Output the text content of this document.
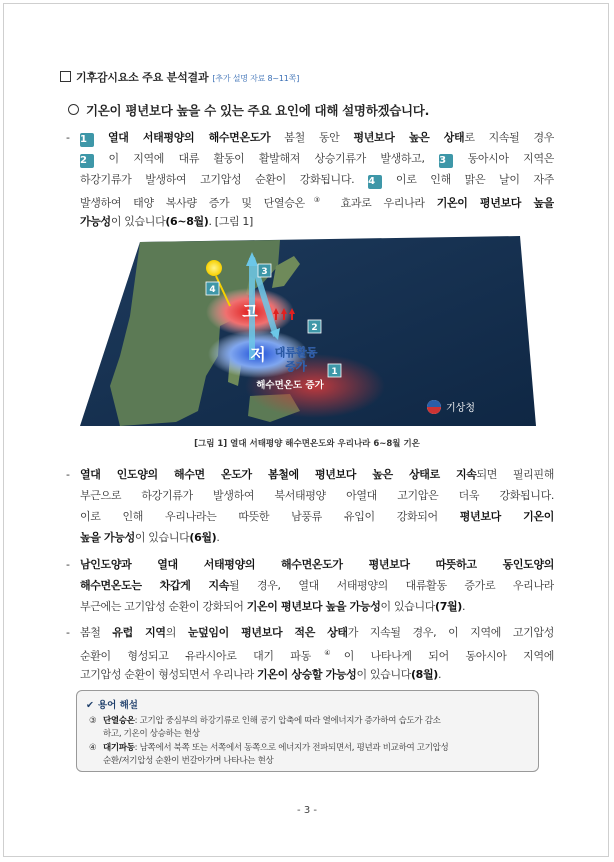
기후감시요소 주요 분석결과 [추가 설명 자료 8~11쪽]
기온이 평년보다 높을 수 있는 주요 요인에 대해 설명하겠습니다.
- 1 열대 서태평양의 해수면온도가 봄철 동안 평년보다 높은 상태로 지속될 경우
2 이 지역에 대류 활동이 활발해져 상승기류가 발생하고, 3 동아시아 지역은
하강기류가 발생하여 고기압성 순환이 강화됩니다. 4 이로 인해 맑은 날이 자주
발생하여 태양 복사량 증가 및 단열승온③ 효과로 우리나라 기온이 평년보다 높을
가능성이 있습니다(6~8월). [그림 1]
고
저 대류활동
증가
해수면온도 증가
3
4
2
1
기상청
[그림 1] 열대 서태평양 해수면온도와 우리나라 6~8월 기온
- 열대 인도양의 해수면 온도가 봄철에 평년보다 높은 상태로 지속되면 필리핀해
부근으로 하강기류가 발생하여 북서태평양 아열대 고기압은 더욱 강화됩니다.
이로 인해 우리나라는 따뜻한 남풍류 유입이 강화되어 평년보다 기온이
높을 가능성이 있습니다(6월).
- 남인도양과 열대 서태평양의 해수면온도가 평년보다 따뜻하고 동인도양의
해수면온도는 차갑게 지속될 경우, 열대 서태평양의 대류활동 증가로 우리나라
부근에는 고기압성 순환이 강화되어 기온이 평년보다 높을 가능성이 있습니다(7월).
- 봄철 유럽 지역의 눈덮임이 평년보다 적은 상태가 지속될 경우, 이 지역에 고기압성
순환이 형성되고 유라시아로 대기 파동④이 나타나게 되어 동아시아 지역에
고기압성 순환이 형성되면서 우리나라 기온이 상승할 가능성이 있습니다(8월).
✔ 용어 해설
③ 단열승온: 고기압 중심부의 하강기류로 인해 공기 압축에 따라 열에너지가 증가하여 습도가 감소
하고, 기온이 상승하는 현상
④ 대기파동: 남쪽에서 북쪽 또는 서쪽에서 동쪽으로 에너지가 전파되면서, 평년과 비교하여 고기압성
순환/저기압성 순환이 번갈아가며 나타나는 현상
- 3 -
